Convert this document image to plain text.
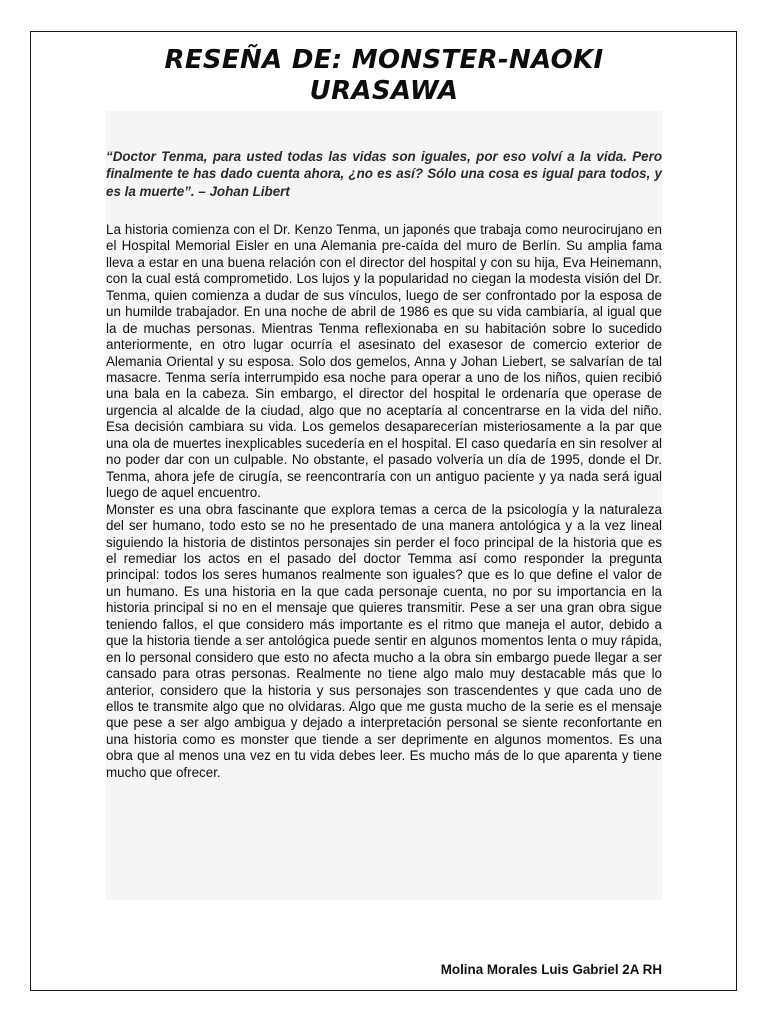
RESEÑA DE: MONSTER-NAOKI URASAWA

“Doctor Tenma, para usted todas las vidas son iguales, por eso volví a la vida. Pero finalmente te has dado cuenta ahora, ¿no es así? Sólo una cosa es igual para todos, y es la muerte”. – Johan Libert

La historia comienza con el Dr. Kenzo Tenma, un japonés que trabaja como neurocirujano en el Hospital Memorial Eisler en una Alemania pre-caída del muro de Berlín. Su amplia fama lleva a estar en una buena relación con el director del hospital y con su hija, Eva Heinemann, con la cual está comprometido. Los lujos y la popularidad no ciegan la modesta visión del Dr. Tenma, quien comienza a dudar de sus vínculos, luego de ser confrontado por la esposa de un humilde trabajador. En una noche de abril de 1986 es que su vida cambiaría, al igual que la de muchas personas. Mientras Tenma reflexionaba en su habitación sobre lo sucedido anteriormente, en otro lugar ocurría el asesinato del exasesor de comercio exterior de Alemania Oriental y su esposa. Solo dos gemelos, Anna y Johan Liebert, se salvarían de tal masacre. Tenma sería interrumpido esa noche para operar a uno de los niños, quien recibió una bala en la cabeza. Sin embargo, el director del hospital le ordenaría que operase de urgencia al alcalde de la ciudad, algo que no aceptaría al concentrarse en la vida del niño. Esa decisión cambiara su vida. Los gemelos desaparecerían misteriosamente a la par que una ola de muertes inexplicables sucedería en el hospital. El caso quedaría en sin resolver al no poder dar con un culpable. No obstante, el pasado volvería un día de 1995, donde el Dr. Tenma, ahora jefe de cirugía, se reencontraría con un antiguo paciente y ya nada será igual luego de aquel encuentro.

Monster es una obra fascinante que explora temas a cerca de la psicología y la naturaleza del ser humano, todo esto se no he presentado de una manera antológica y a la vez lineal siguiendo la historia de distintos personajes sin perder el foco principal de la historia que es el remediar los actos en el pasado del doctor Temma así como responder la pregunta principal: todos los seres humanos realmente son iguales? que es lo que define el valor de un humano. Es una historia en la que cada personaje cuenta, no por su importancia en la historia principal si no en el mensaje que quieres transmitir. Pese a ser una gran obra sigue teniendo fallos, el que considero más importante es el ritmo que maneja el autor, debido a que la historia tiende a ser antológica puede sentir en algunos momentos lenta o muy rápida, en lo personal considero que esto no afecta mucho a la obra sin embargo puede llegar a ser cansado para otras personas. Realmente no tiene algo malo muy destacable más que lo anterior, considero que la historia y sus personajes son trascendentes y que cada uno de ellos te transmite algo que no olvidaras. Algo que me gusta mucho de la serie es el mensaje que pese a ser algo ambigua y dejado a interpretación personal se siente reconfortante en una historia como es monster que tiende a ser deprimente en algunos momentos. Es una obra que al menos una vez en tu vida debes leer. Es mucho más de lo que aparenta y tiene mucho que ofrecer.

Molina Morales Luis Gabriel 2A RH
